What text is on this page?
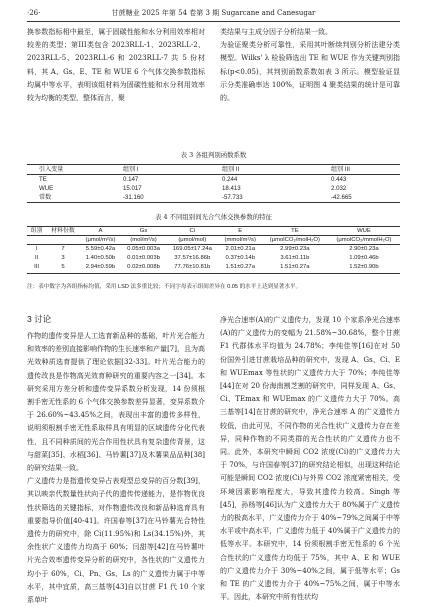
·26·	甘蔗糖业 2025 年第 54 卷第 3 期 Sugarcane and Canesugar

换参数指标相中最至，属于固碳性能和水分利用效率相对较差的类型；第III类包含 2023RLL-1、2023RLL-2、2023RLL-5、2023RLL-6 和 2023RLL-7 共 5 份材料，其 A、Gs、E、TE 和 WUE 6 个气体交换参数指标均属中等水平，表明该组材料为固碳性能和水分利用效率较为均衡的类型，整体而言，聚

类结果与主成分因子分析结果一致。
为验证聚类分析可靠性，采用其叶断续判别分析法建分类模型。Wilks' λ 检验筛选出 TE 和 WUE 作为关键判别指标(p<0.05)，其判别函数系数如表 3 所示。模型验证显示分类准确率达 100%，证明图 4 聚类结果的统计是可靠的。

表 3 各组判别函数系数
引入变量	组别 I	组别 II	组别 III
TE	0.147	0.244	0.443
WUE	15.017	18.413	2.032
常数	-31.160	-57.733	-42.665
表 4 不同组别间光合气体交换参数的特征
组别	材料份数	A	Gs	Ci	E	TE	WUE
		(μmol/m²/s)	(mol/m²/s)	(μmol/mol)	(mmol/m²/s)	(μmolCO₂/molH₂O)	(μmolCO₂/mmolH₂O)
I	7	5.59±0.42a	0.05±0.003a	169.05±17.24a	2.01±0.21a	2.99±0.23a	2.90±0.23a
II	3	1.40±0.50b	0.01±0.003b	37.57±16.86b	0.37±0.14b	3.61±0.11b	1.09±0.46b
III	5	2.94±0.59b	0.02±0.008b	77.76±10.81b	1.51±0.27a	1.51±0.27a	1.52±0.90b
注：表中数字为各组指标均值，采用 LSD 法多重比较；不同字母表示组间差异在 0.05 的水平上达到显著水平。
3 讨论

作物的遗传变异是人工选育新品种的基础，叶片光合能力和效率的差别直接影响作物的生长速率和产量[7]，且为高光效种质选育提供了理论依据[32-33]。叶片光合能力的遗传改良是作物高光效育种研究的重要内容之一[34]。本研究采用方差分析和遗传变异系数分析发现，14 份须根割手密无性系的 6 个气体交换参数差异显著，变异系数介于 26.60%~43.45%之间，表现出丰富的遗传多样性，说明须根割手密无性系取样具有明显的区域遗传分化代表性，且不同种质间的光合作用性状具有复杂遗传背景，这与甜菜[35]、水稻[36]、马铃薯[37]及木薯果品品种[38]的研究结果一致。
广义遗传力是指遗传变异占表观型总变异的百分数[39]，其以映亲代数量性状向子代的遗传传递能力，是作物优良性状筛选的关键指标，对作物遗传改良和新品种选育具有重要指导价值[40-41]。许国春等[37]在马铃薯光合特性遗传力的研究中，除 Ci(11.95%)和 Ls(34.15%)外，其余性状广义遗传力均高于 60%；闫甜等[42]在马铃薯叶片光合效率遗传变异分析的研究中，各性状的广义遗传力均小于 60%，Ci、Pn、Gs、Ls 的广义遗传力属于中等水平，其中宜质，高三基等[43]自以甘蔗 F1 代 10 个家系单叶

净光合速率(A)的广义遗传力，发现 10 个家系净光合速率(A)的广义遗传力的变幅为 21.58%~30.68%，整个甘蔗 F1 代群体水平均值为 24.78%；李纯佳等[16]在对 50 份国外引进甘蔗栽培品种的研究中，发现 A、Gs、Ci、E 和 WUEmax 等性状的广义遗传力大于 70%；李纯佳等[44]在对 20 份海南割芝割的研究中，同样发现 A、Gs、Ci、TEmax 和 WUEmax 的广义遗传力大于 70%。高三基等[14]在甘蔗的研究中，净光合速率 A 的广义遗传力较低，由此可见，不同作物的光合性状广义遗传力存在差异，同种作物的不同类群的光合性状的广义遗传力也不同。此外，本研究中瞬间 CO2 浓度(Ci)的广义遗传力大于 70%，与许国春等[37]的研究结论相似，出现这种结论可能是瞬间 CO2 浓度(Ci)与外界 CO2 浓度紧密相关，受环境因素影响程度大，导致其遗传力较高。Singh 等[45]，孙杨等[46]认为广义遗传力大于 80%属于广义遗传力的极高水平，广义遗传力介于 40%~79%之间属于中等水平或中高水平，广义遗传力低于 40%属于广义遗传力的低等水平。本研究中，14 份须根割手密无性系的 6 个光合性状的广义遗传力均低于 75%，其中 A、E 和 WUE 的广义遗传力介于 30%~40%之间，属于低等水平；Gs 和 TE 的广义遗传力介于 40%~75%之间，属于中等水平。因此，本研究中所有性状均
